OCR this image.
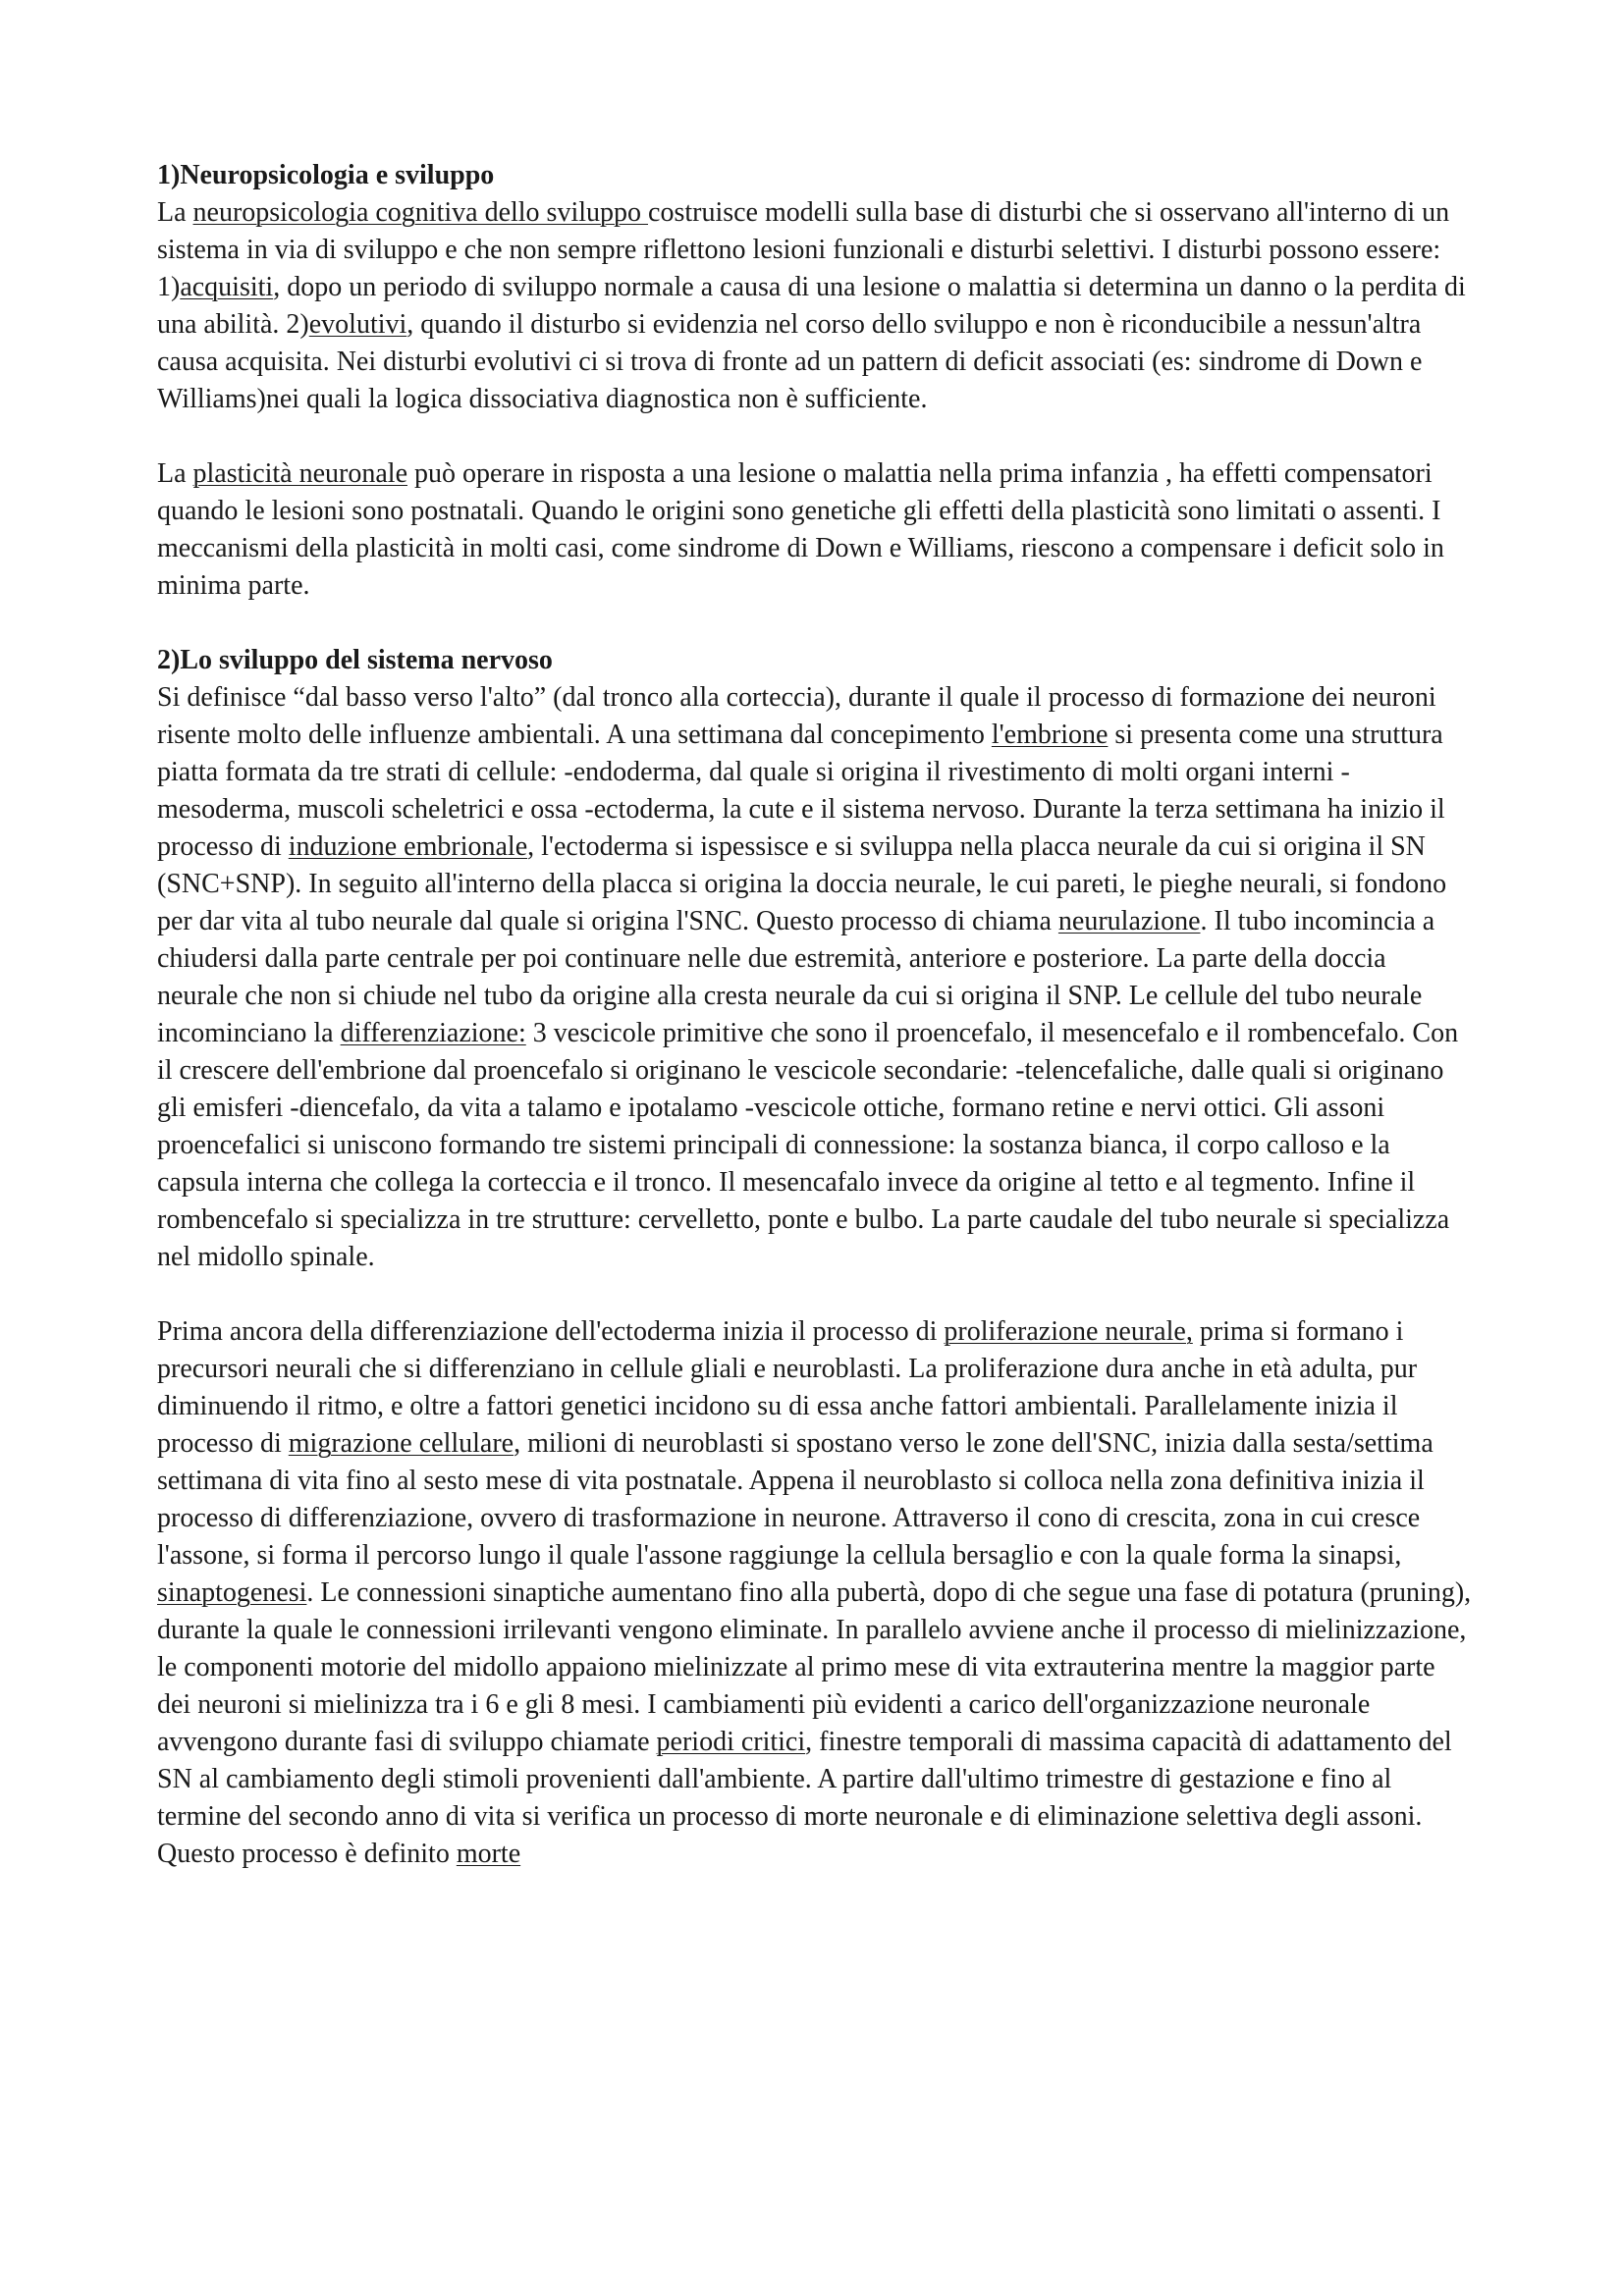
1)Neuropsicologia e sviluppo

La neuropsicologia cognitiva dello sviluppo costruisce modelli sulla base di disturbi che si osservano all'interno di un sistema in via di sviluppo e che non sempre riflettono lesioni funzionali e disturbi selettivi. I disturbi possono essere: 1)acquisiti, dopo un periodo di sviluppo normale a causa di una lesione o malattia si determina un danno o la perdita di una abilità. 2)evolutivi, quando il disturbo si evidenzia nel corso dello sviluppo e non è riconducibile a nessun'altra causa acquisita. Nei disturbi evolutivi ci si trova di fronte ad un pattern di deficit associati (es: sindrome di Down e Williams)nei quali la logica dissociativa diagnostica non è sufficiente.

La plasticità neuronale può operare in risposta a una lesione o malattia nella prima infanzia , ha effetti compensatori quando le lesioni sono postnatali. Quando le origini sono genetiche gli effetti della plasticità sono limitati o assenti. I meccanismi della plasticità in molti casi, come sindrome di Down e Williams, riescono a compensare i deficit solo in minima parte.

2)Lo sviluppo del sistema nervoso

Si definisce “dal basso verso l'alto” (dal tronco alla corteccia), durante il quale il processo di formazione dei neuroni risente molto delle influenze ambientali. A una settimana dal concepimento l'embrione si presenta come una struttura piatta formata da tre strati di cellule: -endoderma, dal quale si origina il rivestimento di molti organi interni -mesoderma, muscoli scheletrici e ossa -ectoderma, la cute e il sistema nervoso. Durante la terza settimana ha inizio il processo di induzione embrionale, l'ectoderma si ispessisce e si sviluppa nella placca neurale da cui si origina il SN (SNC+SNP). In seguito all'interno della placca si origina la doccia neurale, le cui pareti, le pieghe neurali, si fondono per dar vita al tubo neurale dal quale si origina l'SNC. Questo processo di chiama neurulazione. Il tubo incomincia a chiudersi dalla parte centrale per poi continuare nelle due estremità, anteriore e posteriore. La parte della doccia neurale che non si chiude nel tubo da origine alla cresta neurale da cui si origina il SNP. Le cellule del tubo neurale incominciano la differenziazione: 3 vescicole primitive che sono il proencefalo, il mesencefalo e il rombencefalo. Con il crescere dell'embrione dal proencefalo si originano le vescicole secondarie: -telencefaliche, dalle quali si originano gli emisferi -diencefalo, da vita a talamo e ipotalamo -vescicole ottiche, formano retine e nervi ottici. Gli assoni proencefalici si uniscono formando tre sistemi principali di connessione: la sostanza bianca, il corpo calloso e la capsula interna che collega la corteccia e il tronco. Il mesencafalo invece da origine al tetto e al tegmento. Infine il rombencefalo si specializza in tre strutture: cervelletto, ponte e bulbo. La parte caudale del tubo neurale si specializza nel midollo spinale.

Prima ancora della differenziazione dell'ectoderma inizia il processo di proliferazione neurale, prima si formano i precursori neurali che si differenziano in cellule gliali e neuroblasti. La proliferazione dura anche in età adulta, pur diminuendo il ritmo, e oltre a fattori genetici incidono su di essa anche fattori ambientali. Parallelamente inizia il processo di migrazione cellulare, milioni di neuroblasti si spostano verso le zone dell'SNC, inizia dalla sesta/settima settimana di vita fino al sesto mese di vita postnatale. Appena il neuroblasto si colloca nella zona definitiva inizia il processo di differenziazione, ovvero di trasformazione in neurone. Attraverso il cono di crescita, zona in cui cresce l'assone, si forma il percorso lungo il quale l'assone raggiunge la cellula bersaglio e con la quale forma la sinapsi, sinaptogenesi. Le connessioni sinaptiche aumentano fino alla pubertà, dopo di che segue una fase di potatura (pruning), durante la quale le connessioni irrilevanti vengono eliminate. In parallelo avviene anche il processo di mielinizzazione, le componenti motorie del midollo appaiono mielinizzate al primo mese di vita extrauterina mentre la maggior parte dei neuroni si mielinizza tra i 6 e gli 8 mesi. I cambiamenti più evidenti a carico dell'organizzazione neuronale avvengono durante fasi di sviluppo chiamate periodi critici, finestre temporali di massima capacità di adattamento del SN al cambiamento degli stimoli provenienti dall'ambiente. A partire dall'ultimo trimestre di gestazione e fino al termine del secondo anno di vita si verifica un processo di morte neuronale e di eliminazione selettiva degli assoni. Questo processo è definito morte
